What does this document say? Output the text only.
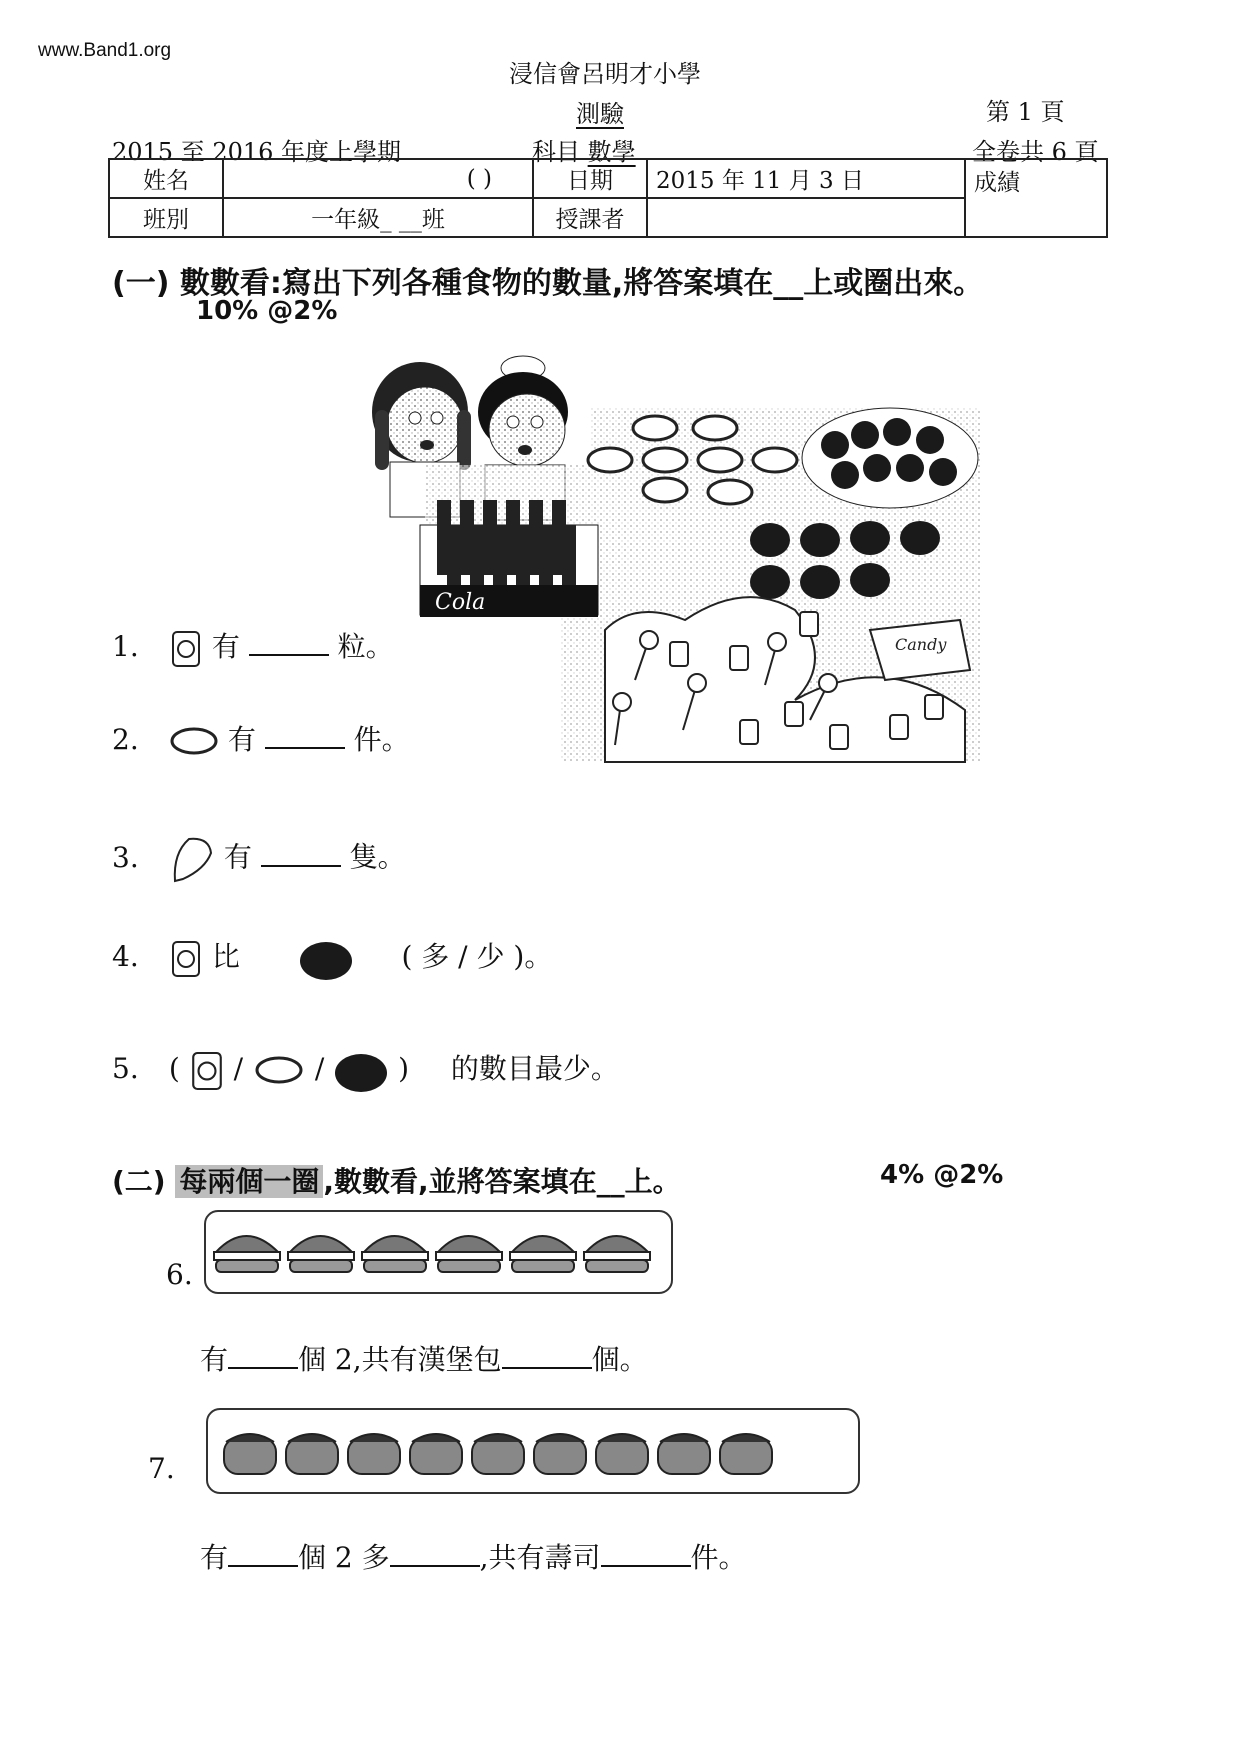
www.Band1.org
浸信會呂明才小學
測驗	第 1 頁
2015 至 2016 年度上學期	科目 數學	全卷共 6 頁
姓名	( )	日期	2015 年 11 月 3 日	成績
班別	一年級_ __班	授課者		
(一) 數數看:寫出下列各種食物的數量,將答案填在__上或圈出來。
10% @2%
Cola
Candy
1.	有	粒。
2.	有	件。
3.	有	隻。
4.	比	( 多 / 少 )。
5. ( /	/	) 的數目最少。
(二) 每兩個一圈 ,數數看,並將答案填在__上。	4% @2%
6.
有	個 2,共有漢堡包	個。
7.
有	個 2 多	,共有壽司	件。
